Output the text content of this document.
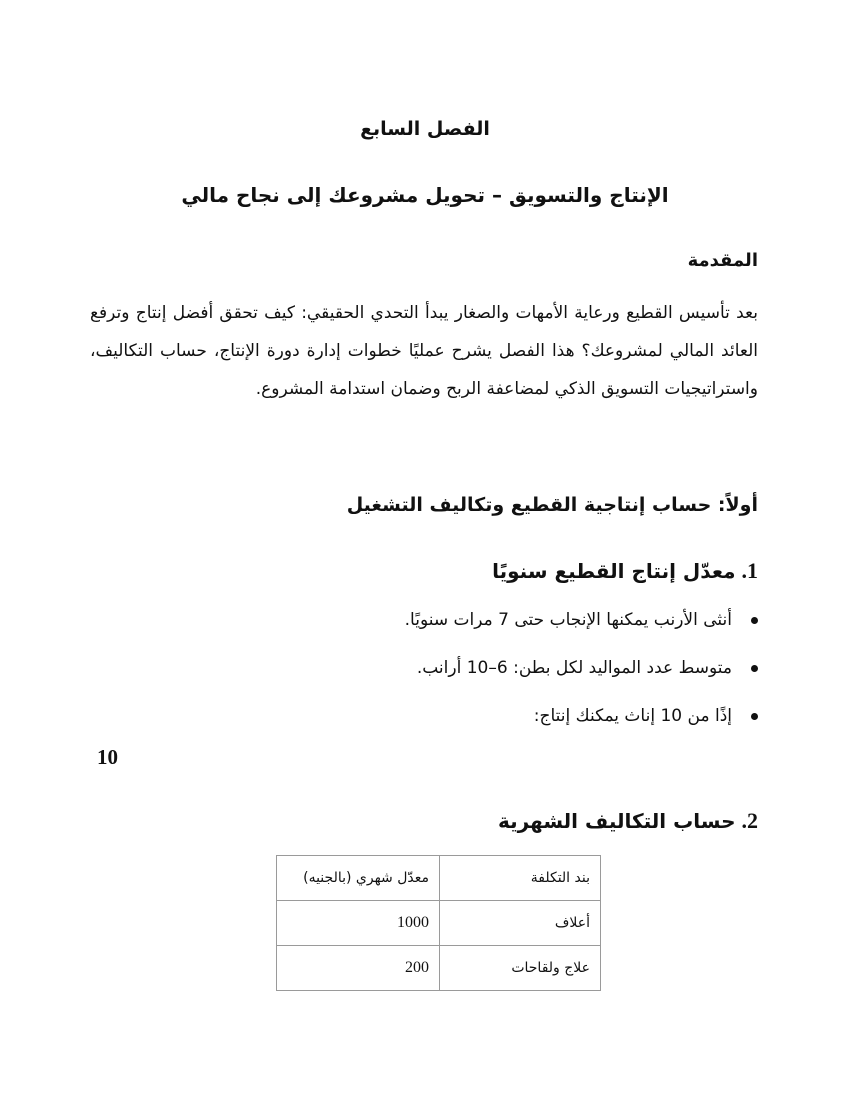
الفصل السابع
الإنتاج والتسويق – تحويل مشروعك إلى نجاح مالي
المقدمة
بعد تأسيس القطيع ورعاية الأمهات والصغار يبدأ التحدي الحقيقي: كيف تحقق أفضل إنتاج وترفع العائد المالي لمشروعك؟ هذا الفصل يشرح عمليًا خطوات إدارة دورة الإنتاج، حساب التكاليف، واستراتيجيات التسويق الذكي لمضاعفة الربح وضمان استدامة المشروع.
أولاً: حساب إنتاجية القطيع وتكاليف التشغيل
1.معدّل إنتاج القطيع سنويًا
أنثى الأرنب يمكنها الإنجاب حتى 7 مرات سنويًا.
متوسط عدد المواليد لكل بطن: 6–10 أرانب.
إذًا من 10 إناث يمكنك إنتاج:
10
2.حساب التكاليف الشهرية
بند التكلفة	معدّل شهري (بالجنيه)
أعلاف	1000
علاج ولقاحات	200
